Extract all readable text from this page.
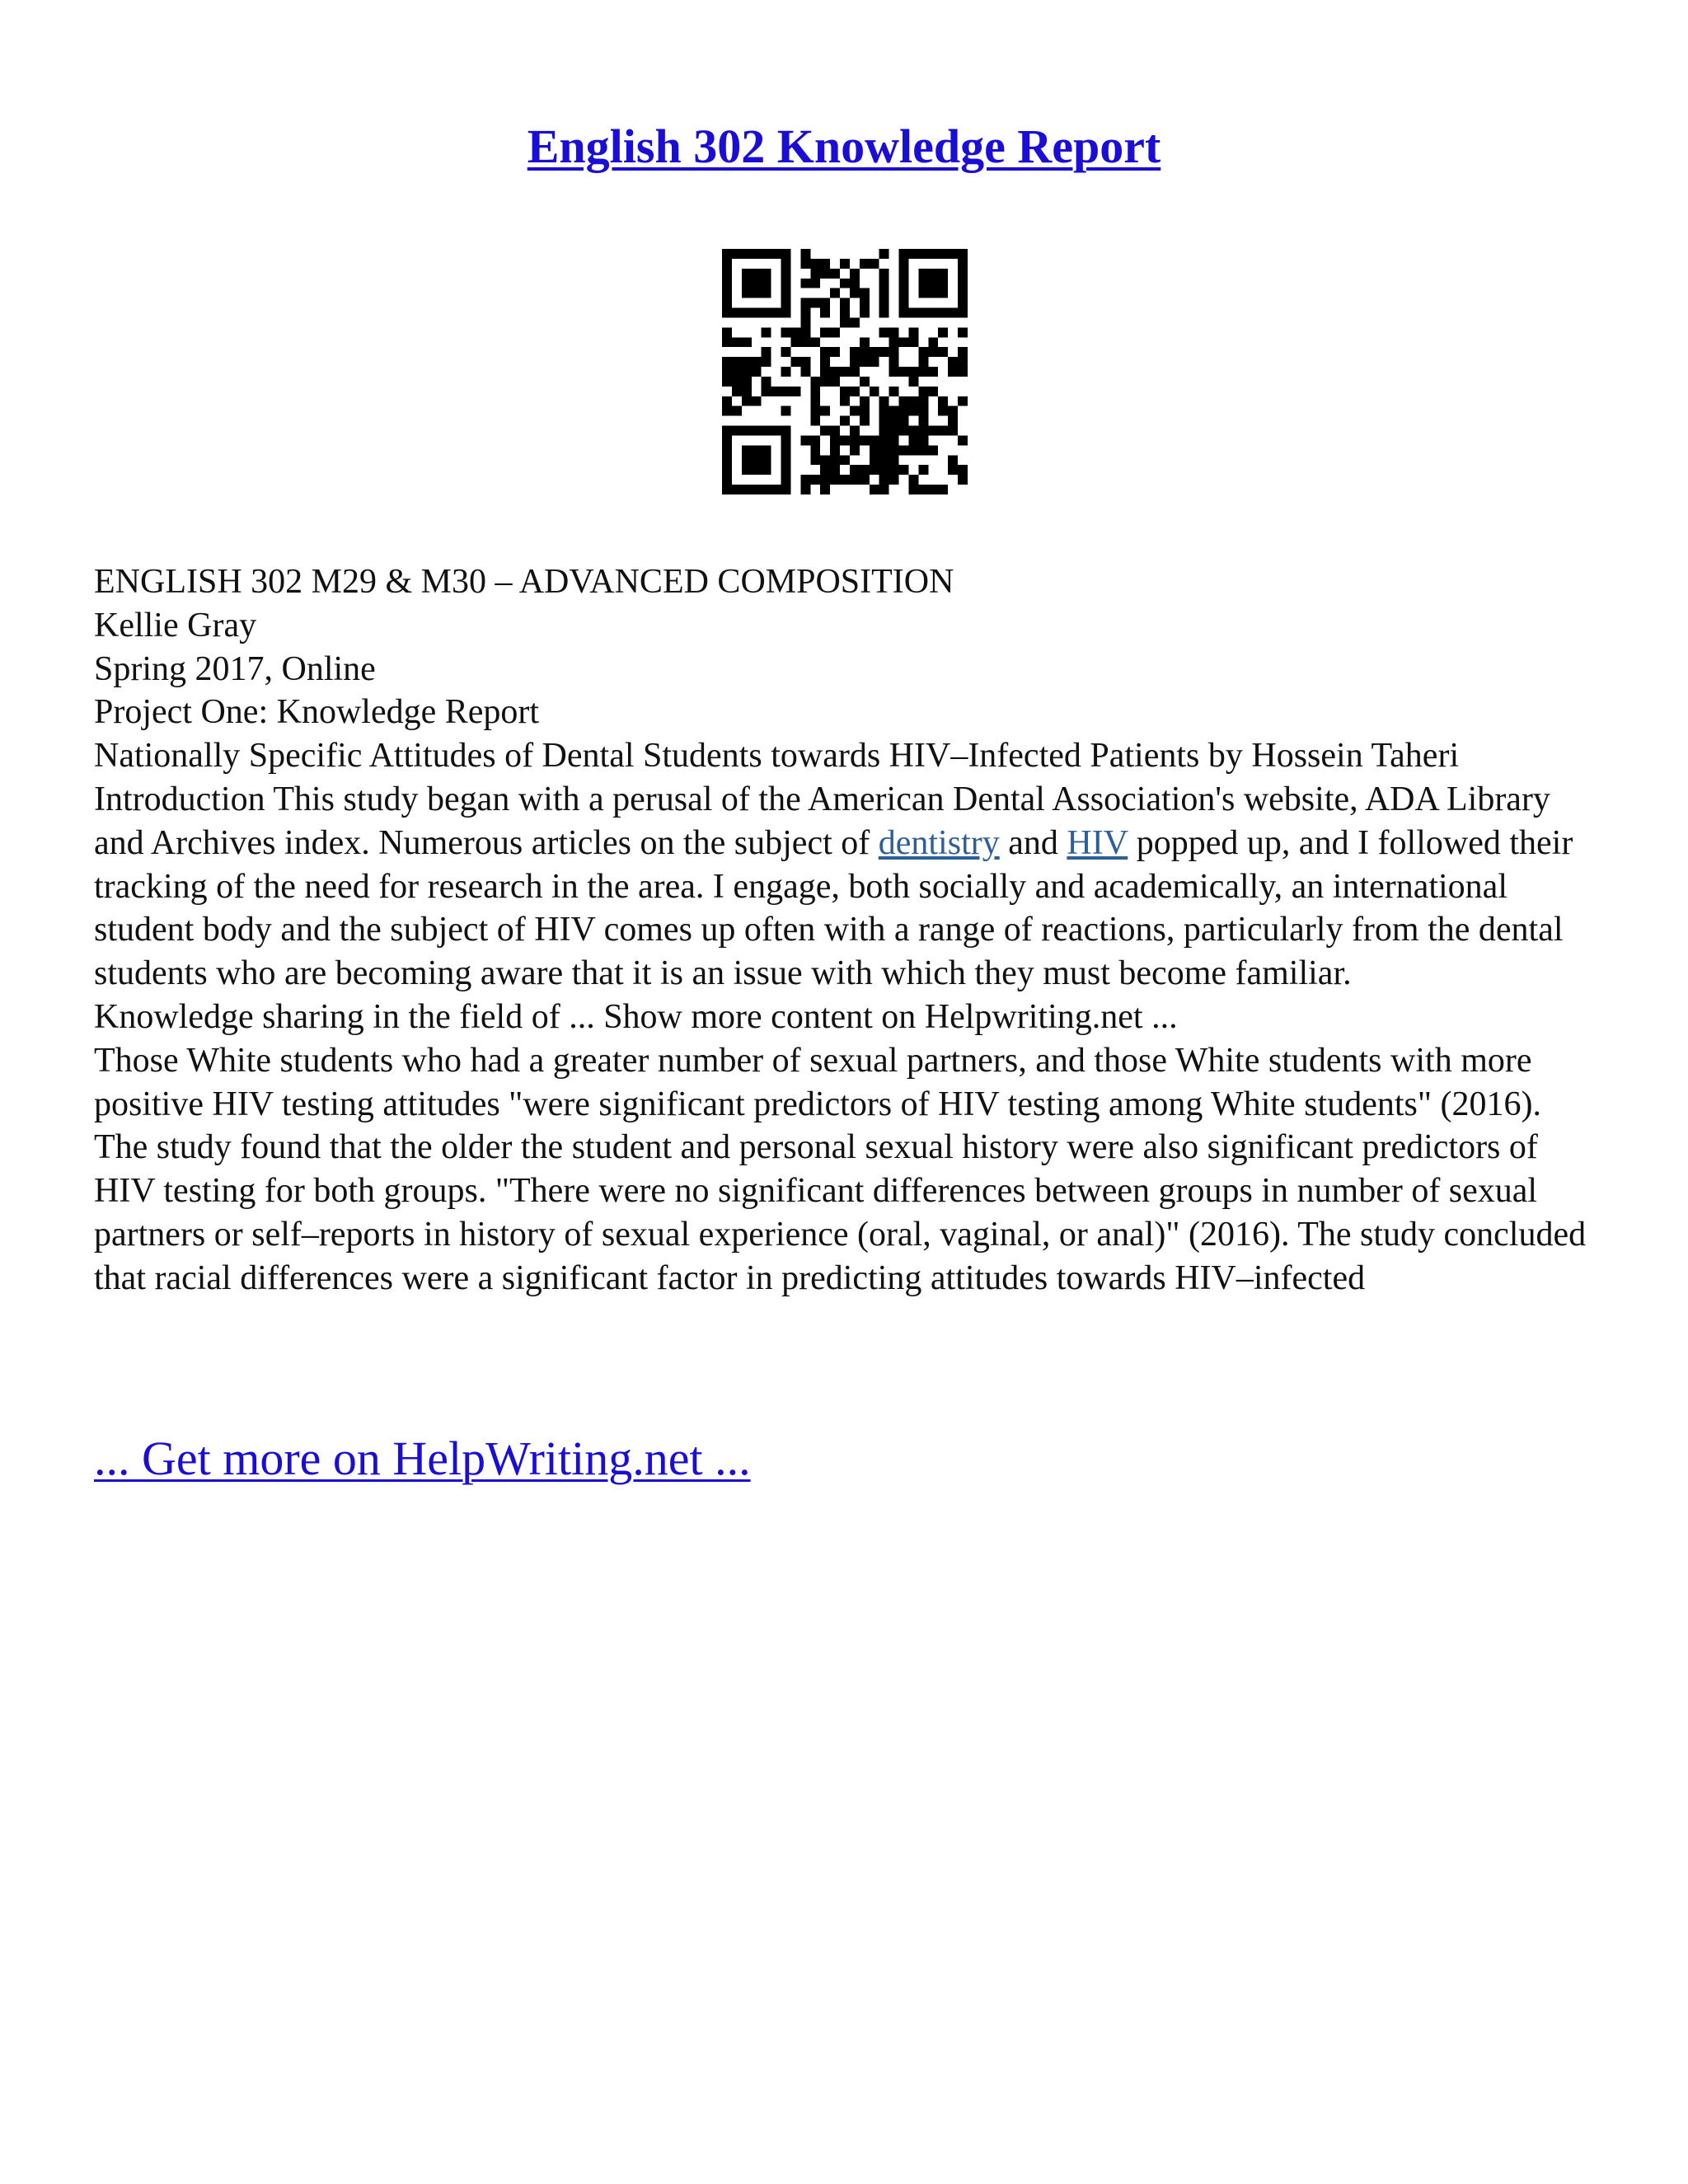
English 302 Knowledge Report

ENGLISH 302 M29 & M30 – ADVANCED COMPOSITION

Kellie Gray

Spring 2017, Online

Project One: Knowledge Report

Nationally Specific Attitudes of Dental Students towards HIV–Infected Patients by Hossein Taheri

Introduction This study began with a perusal of the American Dental Association's website, ADA Library and Archives index. Numerous articles on the subject of dentistry and HIV popped up, and I followed their tracking of the need for research in the area. I engage, both socially and academically, an international student body and the subject of HIV comes up often with a range of reactions, particularly from the dental students who are becoming aware that it is an issue with which they must become familiar.

Knowledge sharing in the field of ... Show more content on Helpwriting.net ...

Those White students who had a greater number of sexual partners, and those White students with more positive HIV testing attitudes "were significant predictors of HIV testing among White students" (2016). The study found that the older the student and personal sexual history were also significant predictors of HIV testing for both groups. "There were no significant differences between groups in number of sexual partners or self–reports in history of sexual experience (oral, vaginal, or anal)" (2016). The study concluded that racial differences were a significant factor in predicting attitudes towards HIV–infected

... Get more on HelpWriting.net ...
